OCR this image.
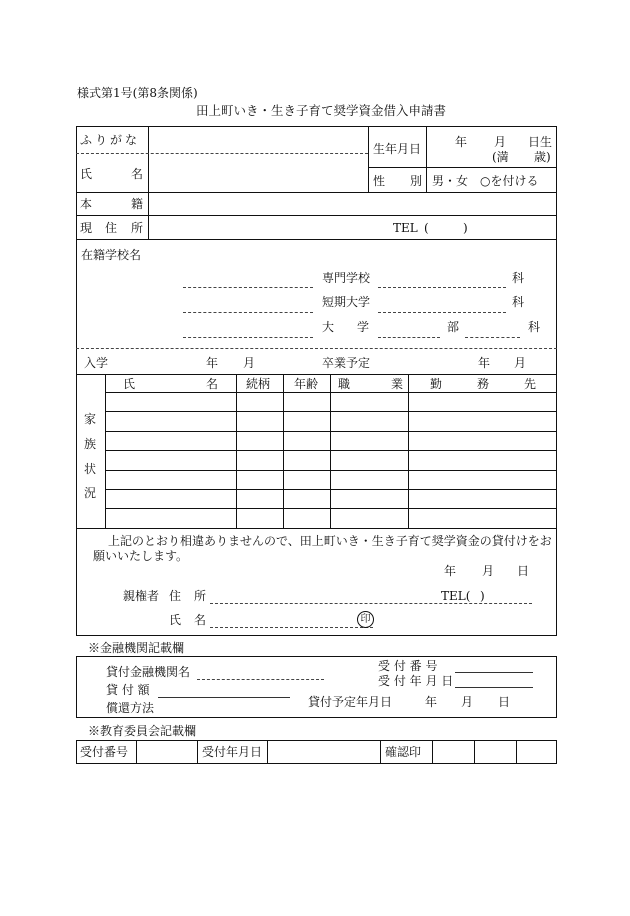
様式第1号(第8条関係)
田上町いき・生き子育て奨学資金借入申請書
ふりがな
氏	名
生年月日	年 月 日生
(満 歳)
性 別 男・女 ○を付ける
本	籍
現 住 所	TEL (	)
在籍学校名
専門学校	科
短期大学	科
大 学	部	科
入学	年 月	卒業予定	年 月
家
族
状
況
氏	名 続柄 年齢 職	業 勤	務	先
上記のとおり相違ありませんので、田上町いき・生き子育て奨学資金の貸付けをお
願いいたします。
年 月 日
親権者 住 所	TEL( )
氏 名	印
※金融機関記載欄
貸付金融機関名
貸 付 額
償還方法
受 付 番 号
受 付 年 月 日
貸付予定年月日	年 月 日
※教育委員会記載欄
受付番号	受付年月日	確認印
